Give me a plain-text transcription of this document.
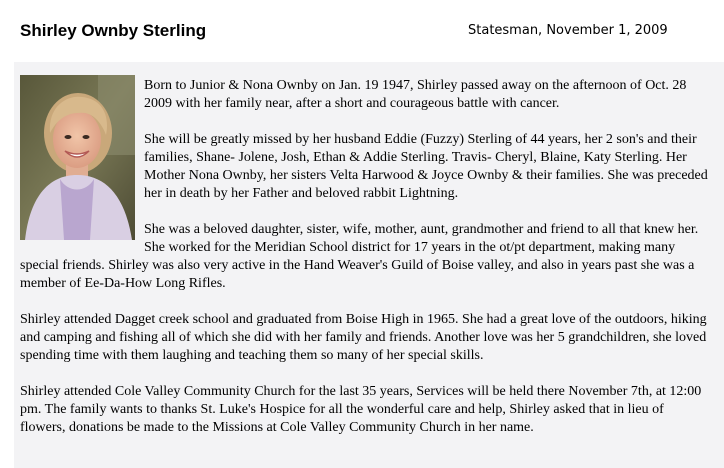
Shirley Ownby Sterling	Statesman, November 1, 2009

Born to Junior & Nona Ownby on Jan. 19 1947, Shirley passed away on the afternoon of Oct. 28 2009 with her family near, after a short and courageous battle with cancer.

She will be greatly missed by her husband Eddie (Fuzzy) Sterling of 44 years, her 2 son's and their families, Shane- Jolene, Josh, Ethan & Addie Sterling. Travis- Cheryl, Blaine, Katy Sterling. Her Mother Nona Ownby, her sisters Velta Harwood & Joyce Ownby & their families. She was preceded her in death by her Father and beloved rabbit Lightning.

She was a beloved daughter, sister, wife, mother, aunt, grandmother and friend to all that knew her. She worked for the Meridian School district for 17 years in the ot/pt department, making many special friends. Shirley was also very active in the Hand Weaver's Guild of Boise valley, and also in years past she was a member of Ee-Da-How Long Rifles.

Shirley attended Dagget creek school and graduated from Boise High in 1965. She had a great love of the outdoors, hiking and camping and fishing all of which she did with her family and friends. Another love was her 5 grandchildren, she loved spending time with them laughing and teaching them so many of her special skills.

Shirley attended Cole Valley Community Church for the last 35 years, Services will be held there November 7th, at 12:00 pm. The family wants to thanks St. Luke's Hospice for all the wonderful care and help, Shirley asked that in lieu of flowers, donations be made to the Missions at Cole Valley Community Church in her name.
